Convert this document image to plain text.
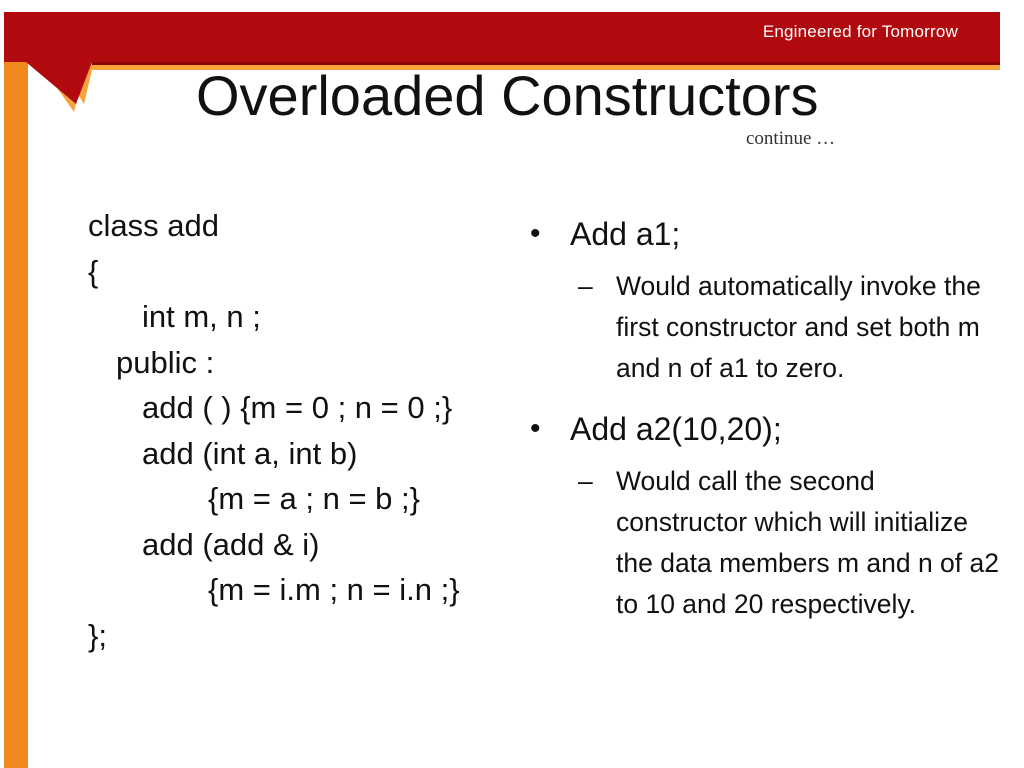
Engineered for Tomorrow
Overloaded Constructors
continue …
class add
{
int m, n ;
public :
add ( ) {m = 0 ; n = 0 ;}
add (int a, int b)
{m = a ; n = b ;}
add (add & i)
{m = i.m ; n = i.n ;}
};
• Add a1;
– Would automatically invoke the first constructor and set both m and n of a1 to zero.
• Add a2(10,20);
– Would call the second constructor which will initialize the data members m and n of a2 to 10 and 20 respectively.
